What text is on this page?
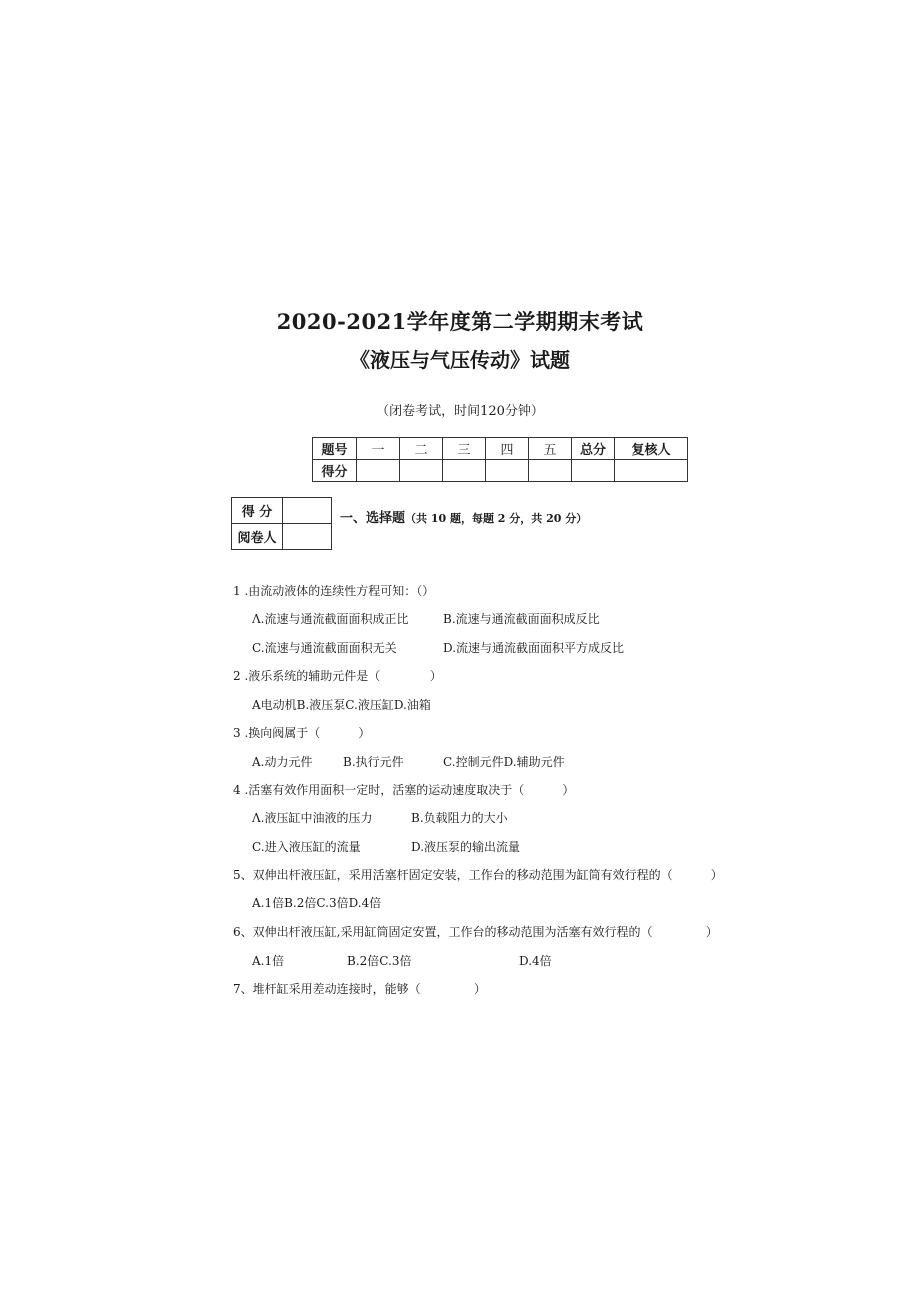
2020-2021学年度第二学期期末考试
《液压与气压传动》试题
（闭卷考试，时间120分钟）
题号	一	二	三	四	五	总分	复核人
得分							
得 分	
阅卷人	
一、选择题（共 10 题，每题 2 分，共 20 分）
1 .由流动液体的连续性方程可知：（）
Λ.流速与通流截面面积成正比	B.流速与通流截面面积成反比
C.流速与通流截面面积无关	D.流速与通流截面面积平方成反比
2 .液乐系统的辅助元件是（             ）
A电动机B.液压泵C.液压缸D.油箱
3 .换向阀属于（          ）
A.动力元件        B.执行元件	C.控制元件D.辅助元件
4 .活塞有效作用面积一定时，活塞的运动速度取决于（          ）
Λ.液压缸中油液的压力	B.负载阻力的大小
C.进入液压缸的流量	D.液压泵的输出流量
5、双伸出杆液压缸，采用活塞杆固定安装，工作台的移动范围为缸筒有效行程的（          ）
A.1倍B.2倍C.3倍D.4倍
6、双伸出杆液压缸,采用缸筒固定安置，工作台的移动范围为活塞有效行程的（              ）
A.1倍	B.2倍C.3倍	D.4倍
7、堆杆缸采用差动连接时，能够（              ）
